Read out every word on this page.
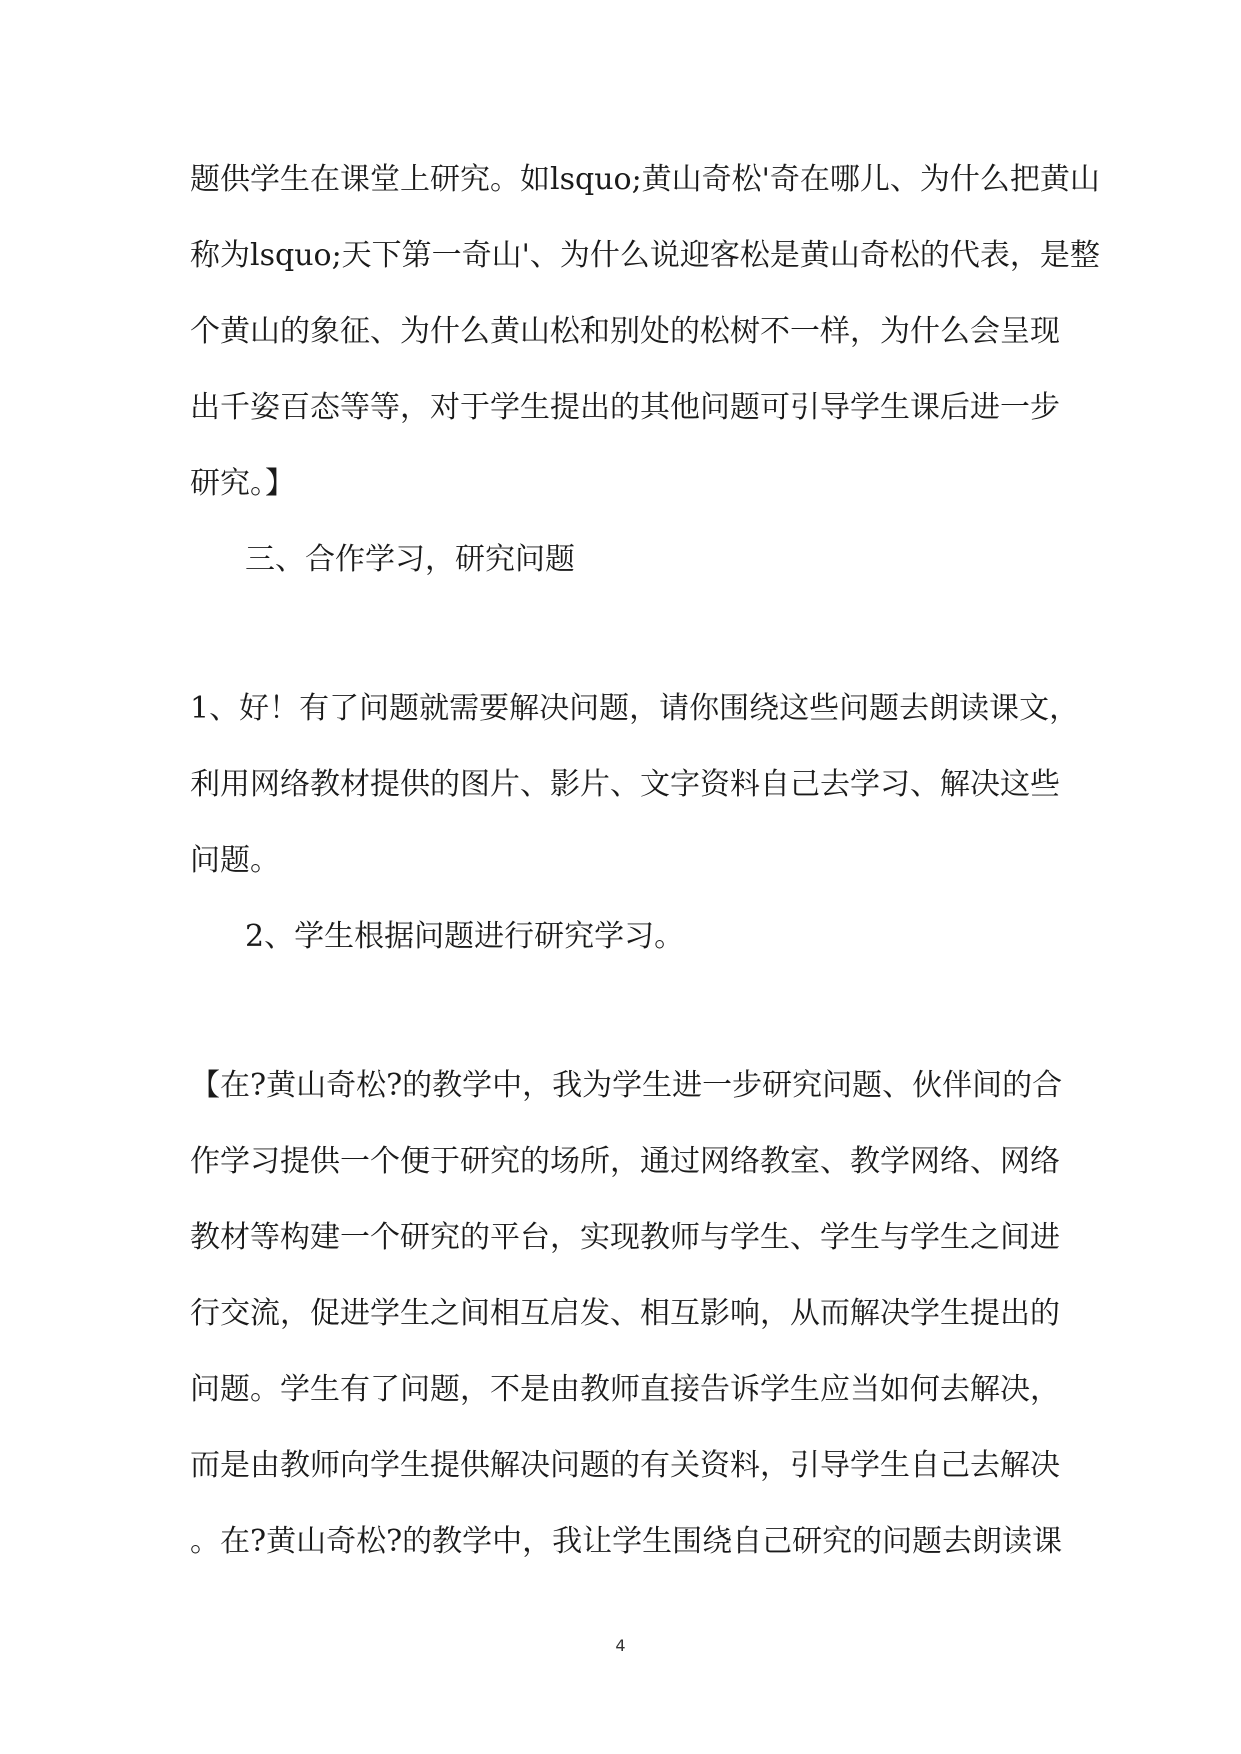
题供学生在课堂上研究。如lsquo;黄山奇松'奇在哪儿、为什么把黄山

称为lsquo;天下第一奇山'、为什么说迎客松是黄山奇松的代表，是整

个黄山的象征、为什么黄山松和别处的松树不一样，为什么会呈现

出千姿百态等等，对于学生提出的其他问题可引导学生课后进一步

研究。】

三、合作学习，研究问题

1、好！有了问题就需要解决问题，请你围绕这些问题去朗读课文，

利用网络教材提供的图片、影片、文字资料自己去学习、解决这些

问题。

2、学生根据问题进行研究学习。

【在?黄山奇松?的教学中，我为学生进一步研究问题、伙伴间的合

作学习提供一个便于研究的场所，通过网络教室、教学网络、网络

教材等构建一个研究的平台，实现教师与学生、学生与学生之间进

行交流，促进学生之间相互启发、相互影响，从而解决学生提出的

问题。学生有了问题，不是由教师直接告诉学生应当如何去解决，

而是由教师向学生提供解决问题的有关资料，引导学生自己去解决

。在?黄山奇松?的教学中，我让学生围绕自己研究的问题去朗读课

4
